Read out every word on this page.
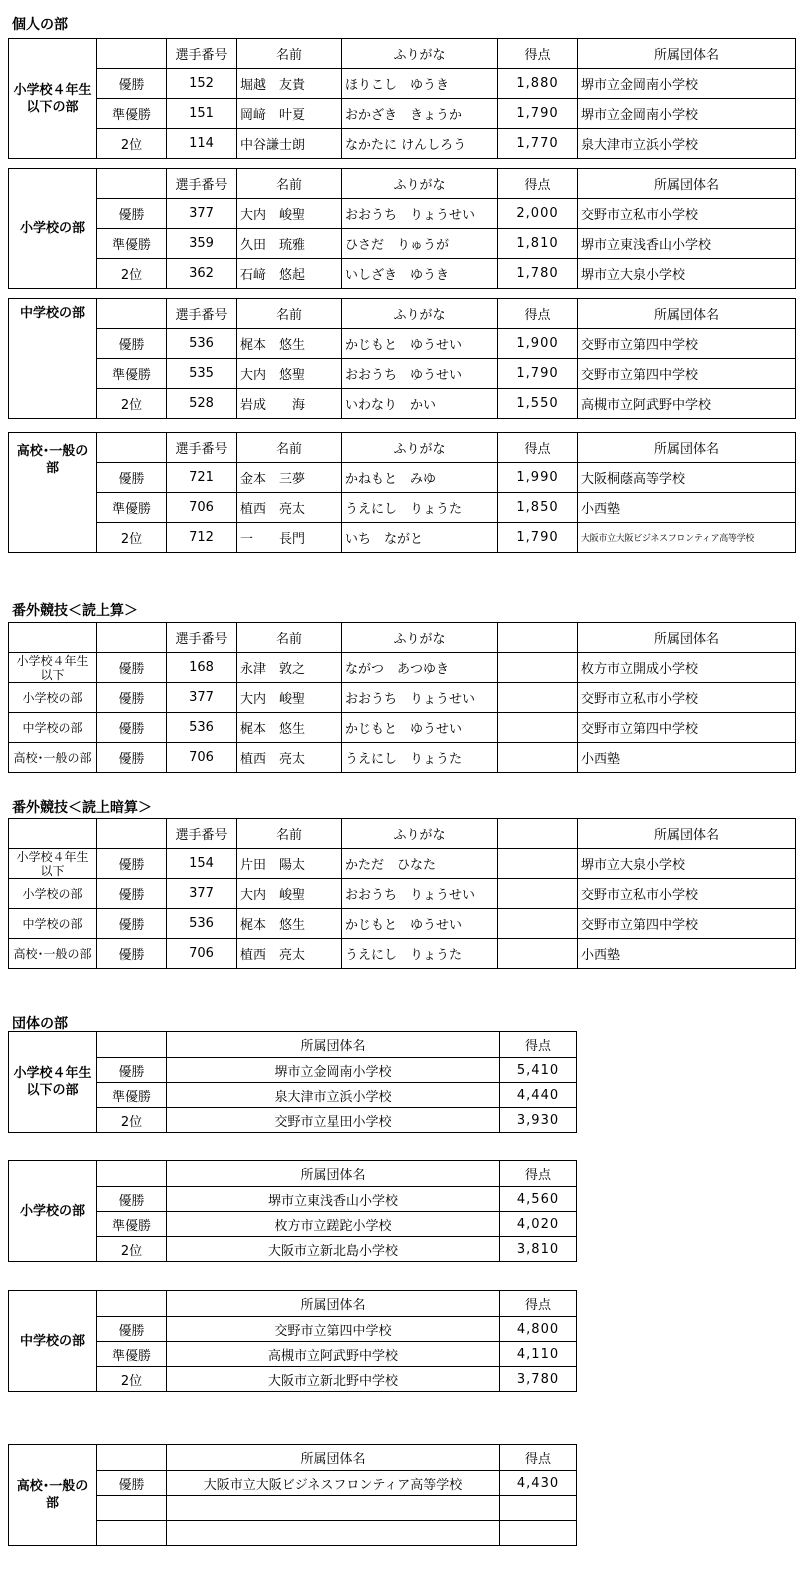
個人の部
小学校４年生以下の部		選手番号	名前	ふりがな	得点	所属団体名
	優勝	152	堀越　友貴	ほりこし　ゆうき	1,880	堺市立金岡南小学校
	準優勝	151	岡﨑　叶夏	おかざき　きょうか	1,790	堺市立金岡南小学校
	2位	114	中谷謙士朗	なかたに けんしろう	1,770	泉大津市立浜小学校
小学校の部		選手番号	名前	ふりがな	得点	所属団体名
	優勝	377	大内　峻聖	おおうち　りょうせい	2,000	交野市立私市小学校
	準優勝	359	久田　琉雅	ひさだ　りゅうが	1,810	堺市立東浅香山小学校
	2位	362	石﨑　悠起	いしざき　ゆうき	1,780	堺市立大泉小学校
中学校の部		選手番号	名前	ふりがな	得点	所属団体名
	優勝	536	梶本　悠生	かじもと　ゆうせい	1,900	交野市立第四中学校
	準優勝	535	大内　悠聖	おおうち　ゆうせい	1,790	交野市立第四中学校
	2位	528	岩成　　海	いわなり　かい	1,550	高槻市立阿武野中学校
高校･一般の部		選手番号	名前	ふりがな	得点	所属団体名
	優勝	721	金本　三夢	かねもと　みゆ	1,990	大阪桐蔭高等学校
	準優勝	706	植西　亮太	うえにし　りょうた	1,850	小西塾
	2位	712	一　　長門	いち　ながと	1,790	大阪市立大阪ビジネスフロンティア高等学校
番外競技＜読上算＞
		選手番号	名前	ふりがな		所属団体名
小学校４年生以下	優勝	168	永津　敦之	ながつ　あつゆき		枚方市立開成小学校
小学校の部	優勝	377	大内　峻聖	おおうち　りょうせい		交野市立私市小学校
中学校の部	優勝	536	梶本　悠生	かじもと　ゆうせい		交野市立第四中学校
高校･一般の部	優勝	706	植西　亮太	うえにし　りょうた		小西塾
番外競技＜読上暗算＞
		選手番号	名前	ふりがな		所属団体名
小学校４年生以下	優勝	154	片田　陽太	かただ　ひなた		堺市立大泉小学校
小学校の部	優勝	377	大内　峻聖	おおうち　りょうせい		交野市立私市小学校
中学校の部	優勝	536	梶本　悠生	かじもと　ゆうせい		交野市立第四中学校
高校･一般の部	優勝	706	植西　亮太	うえにし　りょうた		小西塾
団体の部
小学校４年生以下の部		所属団体名	得点
	優勝	堺市立金岡南小学校	5,410
	準優勝	泉大津市立浜小学校	4,440
	2位	交野市立星田小学校	3,930
小学校の部		所属団体名	得点
	優勝	堺市立東浅香山小学校	4,560
	準優勝	枚方市立蹉跎小学校	4,020
	2位	大阪市立新北島小学校	3,810
中学校の部		所属団体名	得点
	優勝	交野市立第四中学校	4,800
	準優勝	高槻市立阿武野中学校	4,110
	2位	大阪市立新北野中学校	3,780
高校･一般の部		所属団体名	得点
	優勝	大阪市立大阪ビジネスフロンティア高等学校	4,430
